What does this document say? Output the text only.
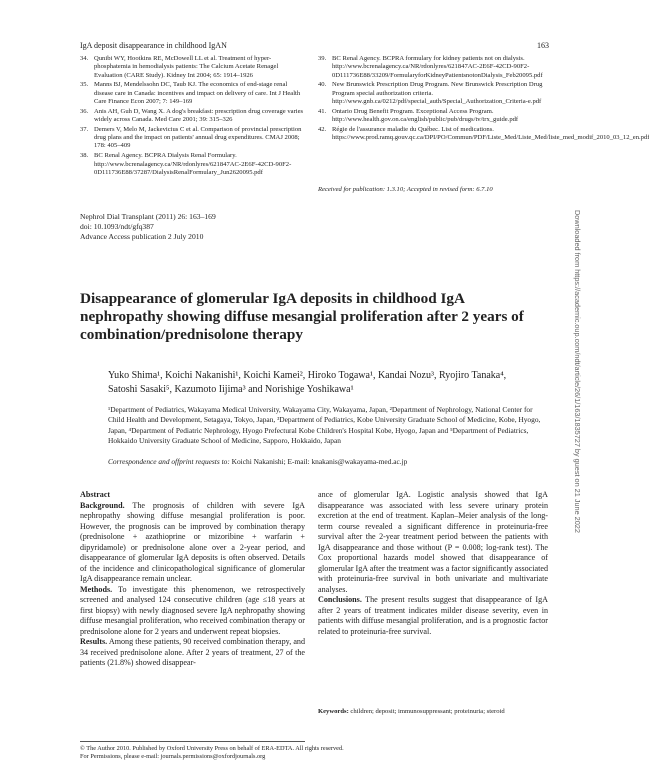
IgA deposit disappearance in childhood IgAN	163
34. Qunibi WY, Hootkins RE, McDowell LL et al. Treatment of hyper-phosphatemia in hemodialysis patients: The Calcium Acetate Renagel Evaluation (CARE Study). Kidney Int 2004; 65: 1914–1926
35. Manns BJ, Mendelssohn DC, Taub KJ. The economics of end-stage renal disease care in Canada: incentives and impact on delivery of care. Int J Health Care Finance Econ 2007; 7: 149–169
36. Anis AH, Guh D, Wang X. A dog's breakfast: prescription drug coverage varies widely across Canada. Med Care 2001; 39: 315–326
37. Demers V, Melo M, Jackevicius C et al. Comparison of provincial prescription drug plans and the impact on patients' annual drug expenditures. CMAJ 2008; 178: 405–409
38. BC Renal Agency. BCPRA Dialysis Renal Formulary. http://www.bcrenalagency.ca/NR/rdonlyres/621847AC-2E6F-42CD-90F2-0D111736E88/37287/DialysisRenalFormulary_Jun2620095.pdf
39. BC Renal Agency. BCPRA formulary for kidney patients not on dialysis. http://www.bcrenalagency.ca/NR/rdonlyres/621847AC-2E6F-42CD-90F2-0D111736E88/33209/FormularyforKidneyPatientsnotonDialysis_Feb20095.pdf
40. New Brunswick Prescription Drug Program. New Brunswick Prescription Drug Program special authorization criteria. http://www.gnb.ca/0212/pdf/special_auth/Special_Authorization_Criteria-e.pdf
41. Ontario Drug Benefit Program. Exceptional Access Program. http://www.health.gov.on.ca/english/public/pub/drugs/tv/trx_guide.pdf
42. Régie de l'assurance maladie du Québec. List of medications. https://www.prod.ramq.gouv.qc.ca/DPI/PO/Commun/PDF/Liste_Med/Liste_Med/liste_med_modif_2010_03_12_en.pdf
Received for publication: 1.3.10; Accepted in revised form: 6.7.10
Nephrol Dial Transplant (2011) 26: 163–169
doi: 10.1093/ndt/gfq387
Advance Access publication 2 July 2010
Disappearance of glomerular IgA deposits in childhood IgA nephropathy showing diffuse mesangial proliferation after 2 years of combination/prednisolone therapy
Yuko Shima¹, Koichi Nakanishi¹, Koichi Kamei², Hiroko Togawa¹, Kandai Nozu³, Ryojiro Tanaka⁴,
Satoshi Sasaki⁵, Kazumoto Iijima³ and Norishige Yoshikawa¹
¹Department of Pediatrics, Wakayama Medical University, Wakayama City, Wakayama, Japan, ²Department of Nephrology, National Center for Child Health and Development, Setagaya, Tokyo, Japan, ³Department of Pediatrics, Kobe University Graduate School of Medicine, Kobe, Hyogo, Japan, ⁴Department of Pediatric Nephrology, Hyogo Prefectural Kobe Children's Hospital Kobe, Hyogo, Japan and ⁵Department of Pediatrics, Hokkaido University Graduate School of Medicine, Sapporo, Hokkaido, Japan
Correspondence and offprint requests to: Koichi Nakanishi; E-mail: knakanis@wakayama-med.ac.jp
Abstract
Background. The prognosis of children with severe IgA nephropathy showing diffuse mesangial proliferation is poor. However, the prognosis can be improved by combination therapy (prednisolone + azathioprine or mizoribine + warfarin + dipyridamole) or prednisolone alone over a 2-year period, and disappearance of glomerular IgA deposits is often observed. Details of the incidence and clinicopathological significance of glomerular IgA disappearance remain unclear.
Methods. To investigate this phenomenon, we retrospectively screened and analysed 124 consecutive children (age ≤18 years at first biopsy) with newly diagnosed severe IgA nephropathy showing diffuse mesangial proliferation, who received combination therapy or prednisolone alone for 2 years and underwent repeat biopsies.
Results. Among these patients, 90 received combination therapy, and 34 received prednisolone alone. After 2 years of treatment, 27 of the patients (21.8%) showed disappear-
ance of glomerular IgA. Logistic analysis showed that IgA disappearance was associated with less severe urinary protein excretion at the end of treatment. Kaplan–Meier analysis of the long-term course revealed a significant difference in proteinuria-free survival after the 2-year treatment period between the patients with IgA disappearance and those without (P = 0.008; log-rank test). The Cox proportional hazards model showed that disappearance of glomerular IgA after the treatment was a factor significantly associated with proteinuria-free survival in both univariate and multivariate analyses.
Conclusions. The present results suggest that disappearance of IgA after 2 years of treatment indicates milder disease severity, even in patients with diffuse mesangial proliferation, and is a prognostic factor related to proteinuria-free survival.
Keywords: children; deposit; immunosuppressant; proteinuria; steroid
© The Author 2010. Published by Oxford University Press on behalf of ERA-EDTA. All rights reserved.
For Permissions, please e-mail: journals.permissions@oxfordjournals.org
Downloaded from https://academic.oup.com/ndt/article/26/1/163/1835727 by guest on 21 June 2022
